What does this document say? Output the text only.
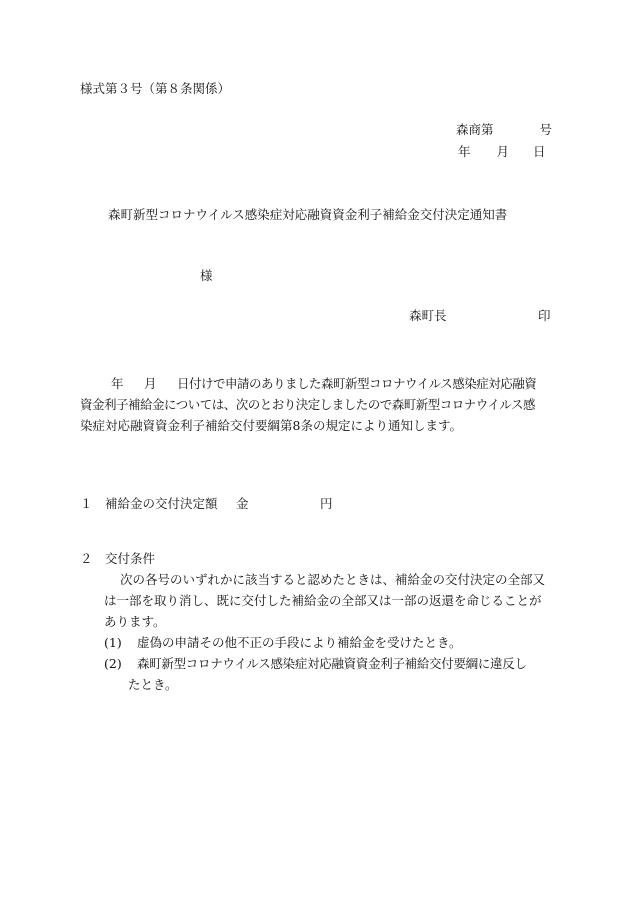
様式第３号（第８条関係）
森商第	号
年 月 日
森町新型コロナウイルス感染症対応融資資金利子補給金交付決定通知書
様
森町長	印
年 月 日付けで申請のありました森町新型コロナウイルス感染症対応融資
資金利子補給金については、次のとおり決定しましたので森町新型コロナウイルス感
染症対応融資資金利子補給交付要綱第8条の規定により通知します。
１　補給金の交付決定額 金	円
２　交付条件
次の各号のいずれかに該当すると認めたときは、補給金の交付決定の全部又
は一部を取り消し、既に交付した補給金の全部又は一部の返還を命じることが
あります。
(1) 虚偽の申請その他不正の手段により補給金を受けたとき。
(2) 森町新型コロナウイルス感染症対応融資資金利子補給交付要綱に違反し
たとき。
